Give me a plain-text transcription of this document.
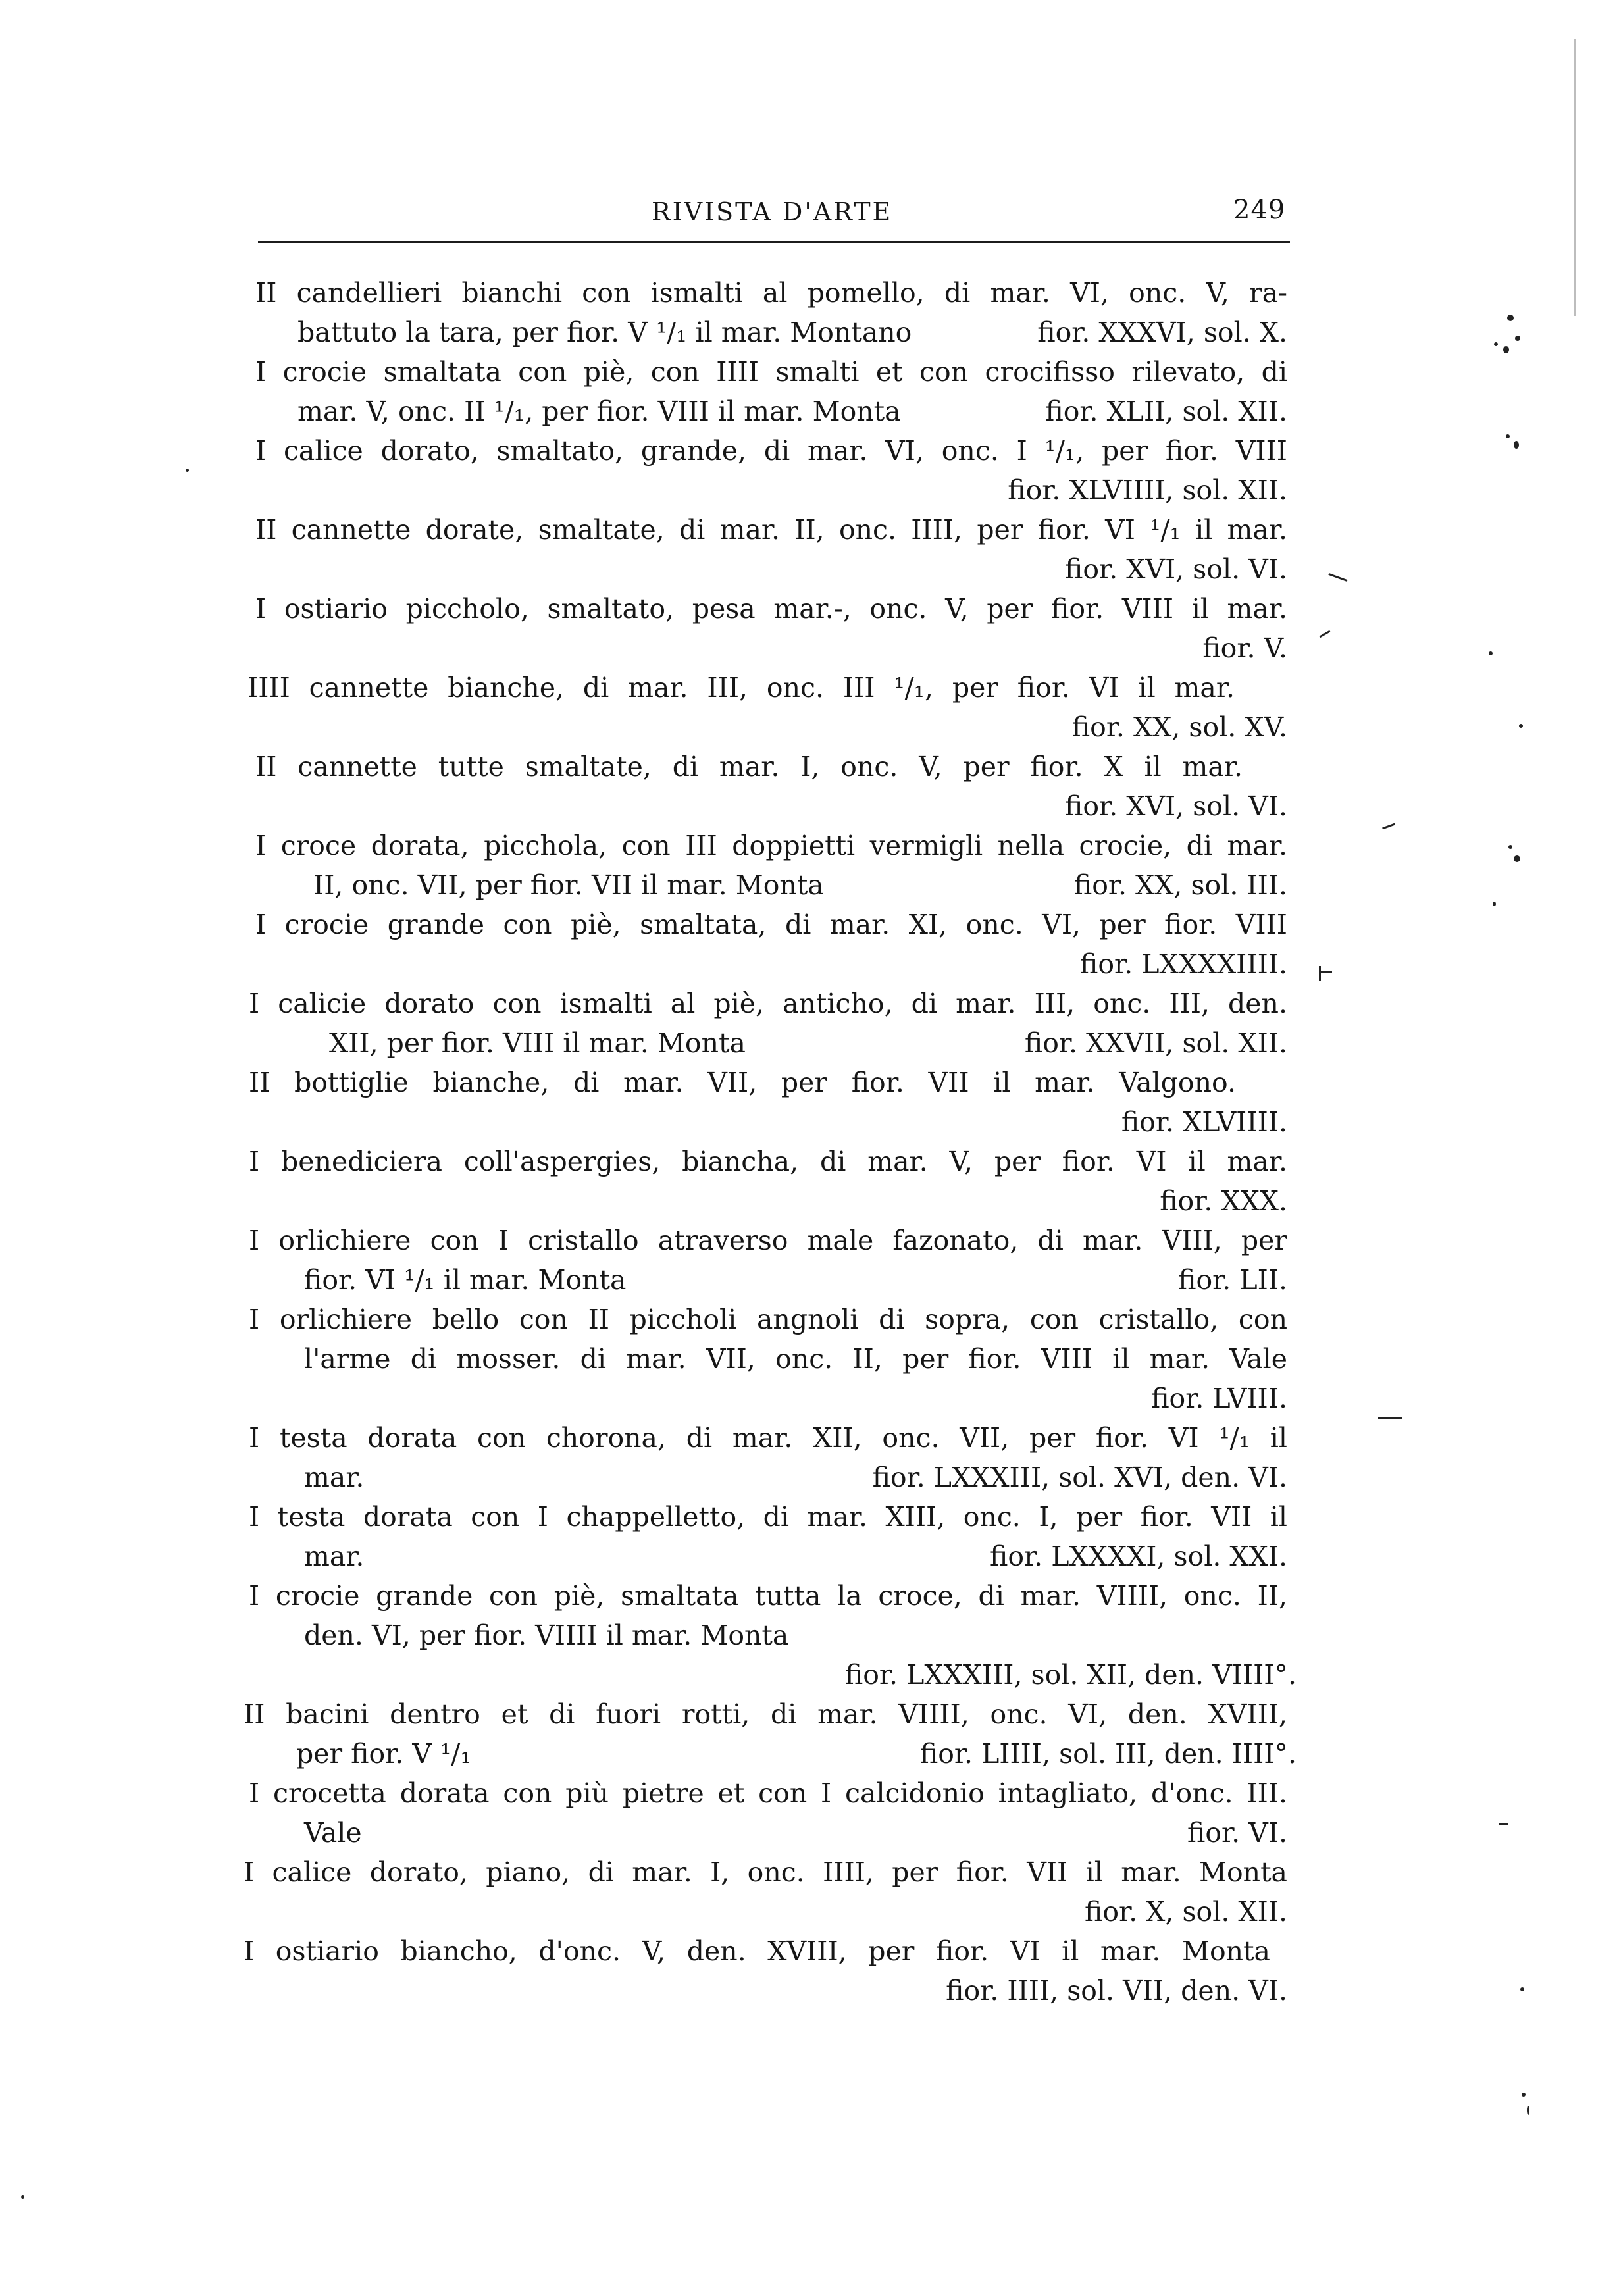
RIVISTA D'ARTE	249
II candellieri bianchi con ismalti al pomello, di mar. VI, onc. V, ra-
battuto la tara, per fior. V ¹/₁ il mar. Montano	fior. XXXVI, sol. X.
I crocie smaltata con piè, con IIII smalti et con crocifisso rilevato, di
mar. V, onc. II ¹/₁, per fior. VIII il mar. Monta	fior. XLII, sol. XII.
I calice dorato, smaltato, grande, di mar. VI, onc. I ¹/₁, per fior. VIII
fior. XLVIIII, sol. XII.
II cannette dorate, smaltate, di mar. II, onc. IIII, per fior. VI ¹/₁ il mar.
fior. XVI, sol. VI.
I ostiario piccholo, smaltato, pesa mar.-, onc. V, per fior. VIII il mar.
fior. V.
IIII cannette bianche, di mar. III, onc. III ¹/₁, per fior. VI il mar.
fior. XX, sol. XV.
II cannette tutte smaltate, di mar. I, onc. V, per fior. X il mar.
fior. XVI, sol. VI.
I croce dorata, picchola, con III doppietti vermigli nella crocie, di mar.
II, onc. VII, per fior. VII il mar. Monta	fior. XX, sol. III.
I crocie grande con piè, smaltata, di mar. XI, onc. VI, per fior. VIII
fior. LXXXXIIII.
I calicie dorato con ismalti al piè, anticho, di mar. III, onc. III, den.
XII, per fior. VIII il mar. Monta	fior. XXVII, sol. XII.
II bottiglie bianche, di mar. VII, per fior. VII il mar. Valgono.
fior. XLVIIII.
I benediciera coll'aspergies, biancha, di mar. V, per fior. VI il mar.
fior. XXX.
I orlichiere con I cristallo atraverso male fazonato, di mar. VIII, per
fior. VI ¹/₁ il mar. Monta	fior. LII.
I orlichiere bello con II piccholi angnoli di sopra, con cristallo, con
l'arme di mosser. di mar. VII, onc. II, per fior. VIII il mar. Vale
fior. LVIII.
I testa dorata con chorona, di mar. XII, onc. VII, per fior. VI ¹/₁ il
mar.	fior. LXXXIII, sol. XVI, den. VI.
I testa dorata con I chappelletto, di mar. XIII, onc. I, per fior. VII il
mar.	fior. LXXXXI, sol. XXI.
I crocie grande con piè, smaltata tutta la croce, di mar. VIIII, onc. II,
den. VI, per fior. VIIII il mar. Monta
fior. LXXXIII, sol. XII, den. VIIII°.
II bacini dentro et di fuori rotti, di mar. VIIII, onc. VI, den. XVIII,
per fior. V ¹/₁	fior. LIIII, sol. III, den. IIII°.
I crocetta dorata con più pietre et con I calcidonio intagliato, d'onc. III.
Vale	fior. VI.
I calice dorato, piano, di mar. I, onc. IIII, per fior. VII il mar. Monta
fior. X, sol. XII.
I ostiario biancho, d'onc. V, den. XVIII, per fior. VI il mar. Monta
fior. IIII, sol. VII, den. VI.
